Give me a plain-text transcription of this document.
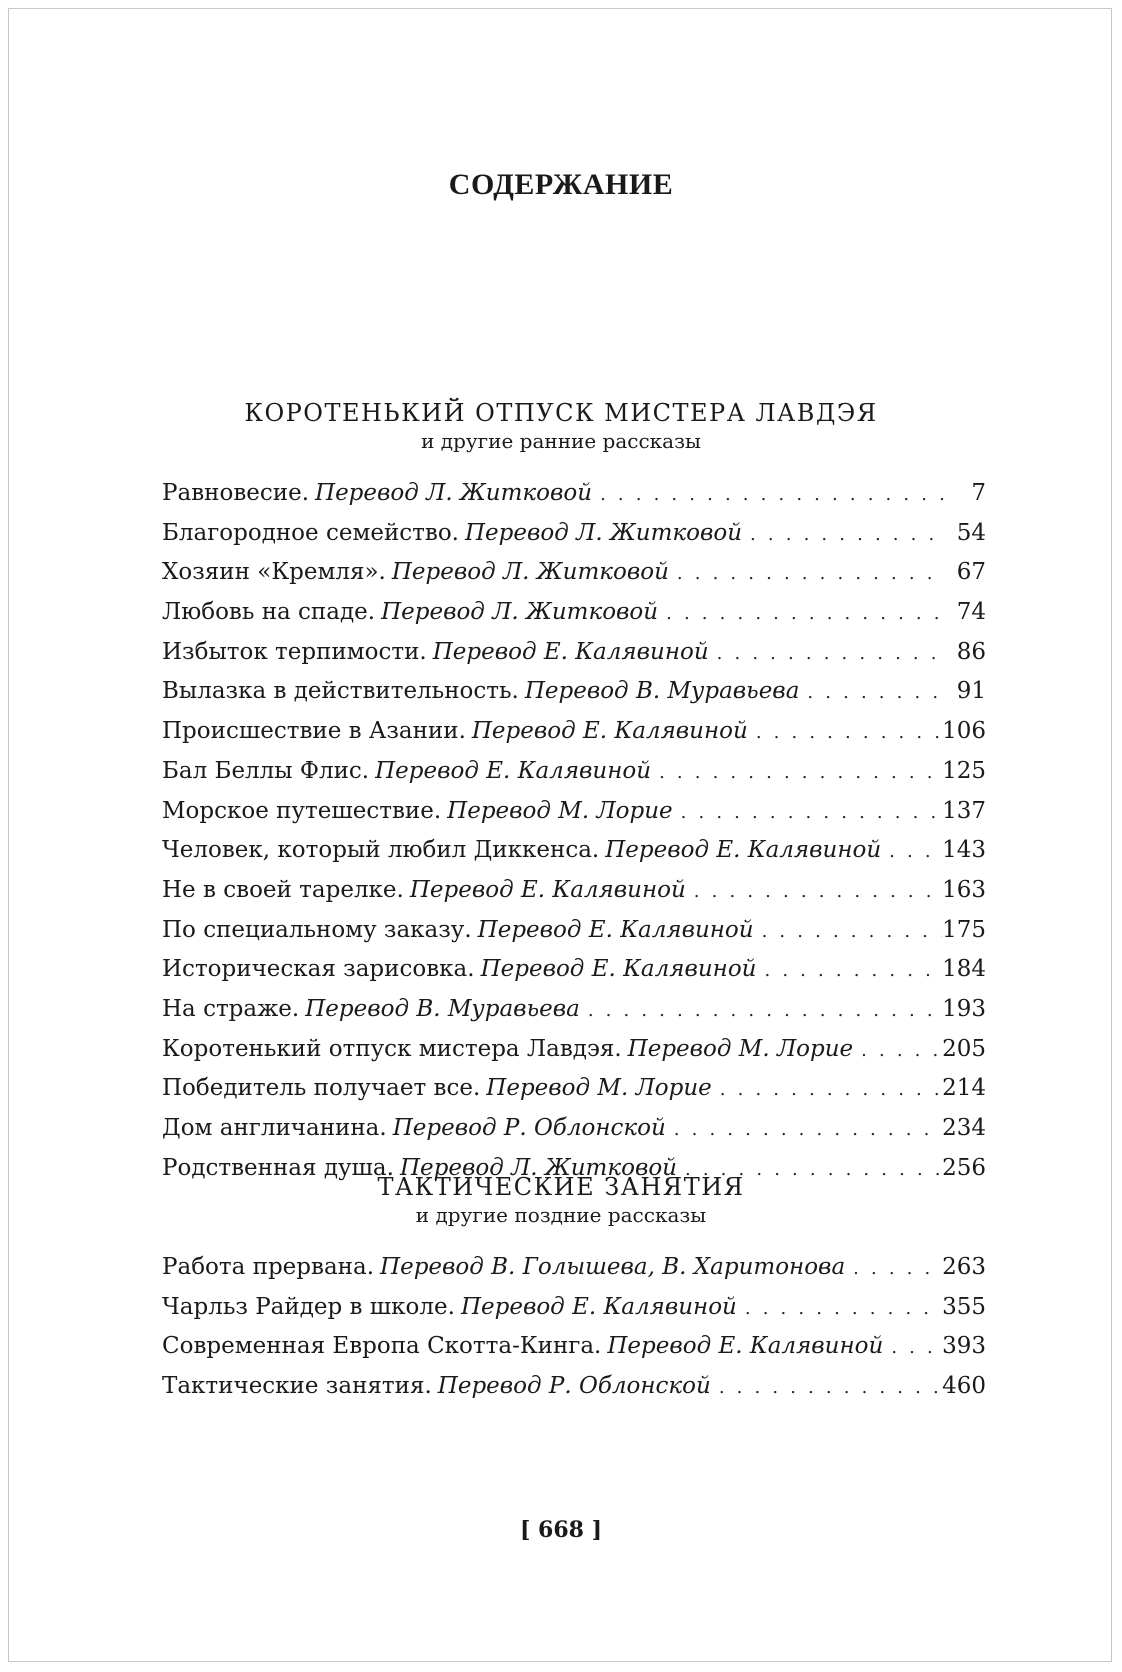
СОДЕРЖАНИЕ
КОРОТЕНЬКИЙ ОТПУСК МИСТЕРА ЛАВДЭЯ
и другие ранние рассказы
Равновесие. Перевод Л. Житковой . . .	7
Благородное семейство. Перевод Л. Житковой . . .	54
Хозяин «Кремля». Перевод Л. Житковой . . .	67
Любовь на спаде. Перевод Л. Житковой . . .	74
Избыток терпимости. Перевод Е. Калявиной . . .	86
Вылазка в действительность. Перевод В. Муравьева . . .	91
Происшествие в Азании. Перевод Е. Калявиной . . .	106
Бал Беллы Флис. Перевод Е. Калявиной . . .	125
Морское путешествие. Перевод М. Лорие . . .	137
Человек, который любил Диккенса. Перевод Е. Калявиной . . .	143
Не в своей тарелке. Перевод Е. Калявиной . . .	163
По специальному заказу. Перевод Е. Калявиной . . .	175
Историческая зарисовка. Перевод Е. Калявиной . . .	184
На страже. Перевод В. Муравьева . . .	193
Коротенький отпуск мистера Лавдэя. Перевод М. Лорие . . .	205
Победитель получает все. Перевод М. Лорие . . .	214
Дом англичанина. Перевод Р. Облонской . . .	234
Родственная душа. Перевод Л. Житковой . . .	256
ТАКТИЧЕСКИЕ ЗАНЯТИЯ
и другие поздние рассказы
Работа прервана. Перевод В. Голышева, В. Харитонова . . .	263
Чарльз Райдер в школе. Перевод Е. Калявиной . . .	355
Современная Европа Скотта-Кинга. Перевод Е. Калявиной . . .	393
Тактические занятия. Перевод Р. Облонской . . .	460
[ 668 ]
